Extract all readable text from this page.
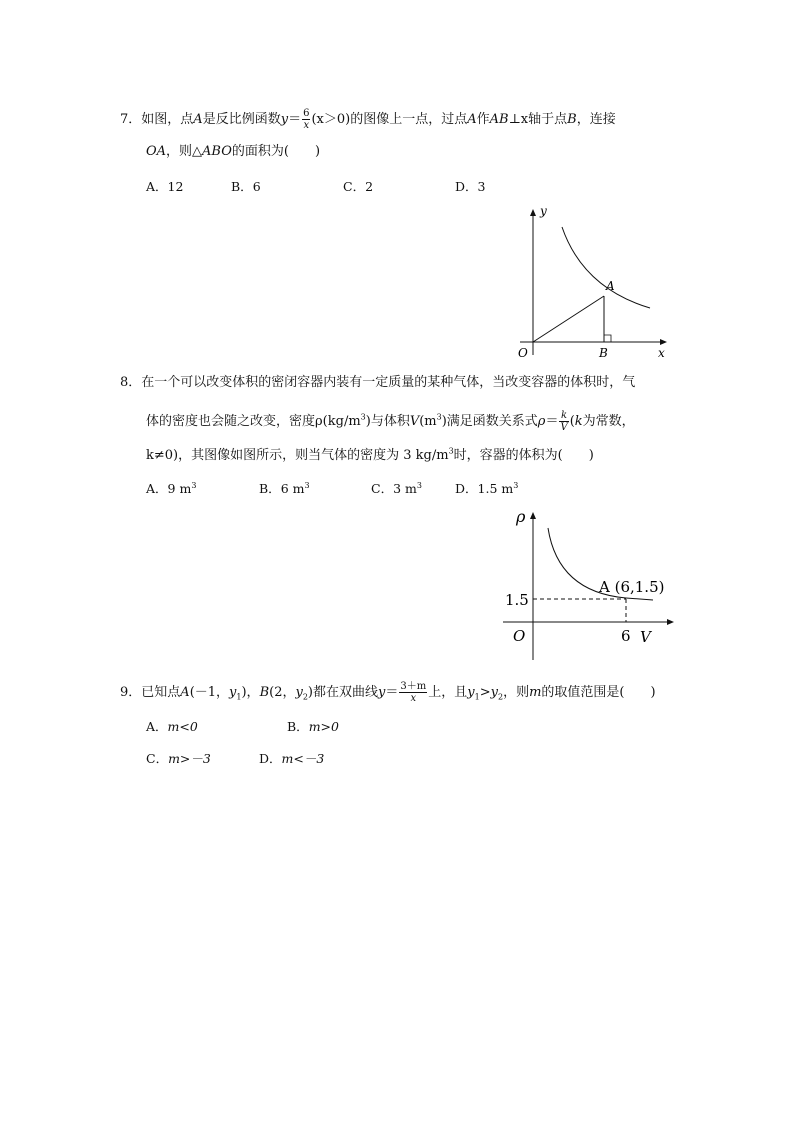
7．如图，点A是反比例函数$y= \frac{6}{x} (x>0)$的图像上一点，过点A作AB⊥x轴于点B，连接
OA，则△ABO的面积为(　　)
A．12	B．6	C．2	D．3
y
x
O
A
B
8．在一个可以改变体积的密闭容器内装有一定质量的某种气体，当改变容器的体积时，气
体的密度也会随之改变，密度$\rho(kg/m^3)$与体积$V(m^3)$满足函数关系式$\rho= \frac{k}{V} (k$为常数，
k≠0)，其图像如图所示，则当气体的密度为 3 $kg/m^3$时，容器的体积为(　　)
A．9 $m^3$	B．6 $m^3$	C．3 $m^3$	D．1.5 $m^3$
ρ
V
O
A (6,1.5)
1.5
6
9．已知点A(－1，$y_1$)，B(2，$y_2$)都在双曲线$y= \frac{3+m}{x}$ 上，且$y_1>y_2$，则m的取值范围是(　　)
A．m<0	B．m>0
C．m>－3	D．m<－3
